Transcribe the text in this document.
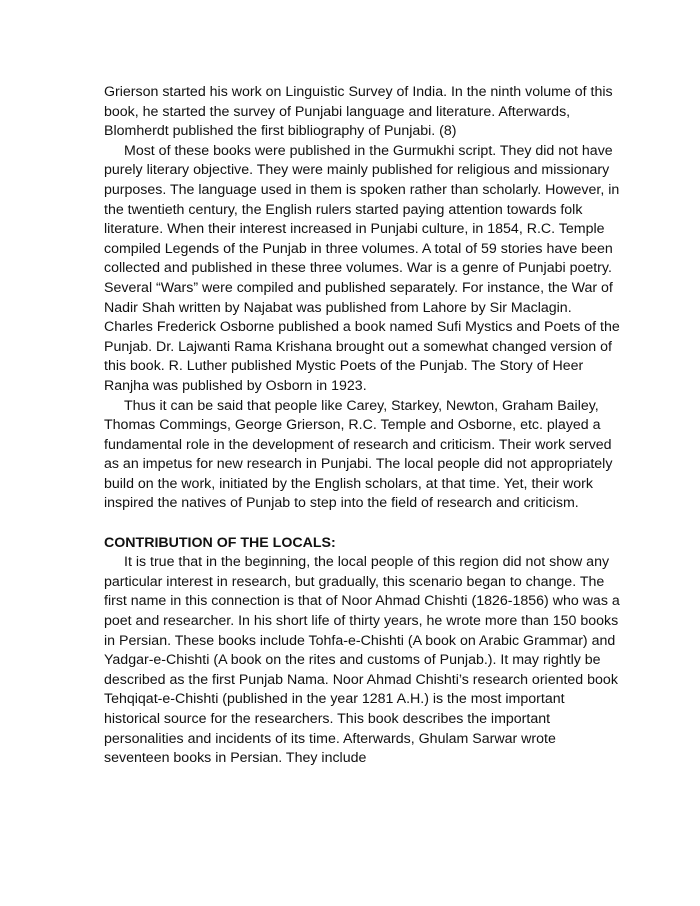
Grierson started his work on Linguistic Survey of India. In the ninth volume of this book, he started the survey of Punjabi language and literature. Afterwards, Blomherdt published the first bibliography of Punjabi. (8)

Most of these books were published in the Gurmukhi script. They did not have purely literary objective. They were mainly published for religious and missionary purposes. The language used in them is spoken rather than scholarly. However, in the twentieth century, the English rulers started paying attention towards folk literature. When their interest increased in Punjabi culture, in 1854, R.C. Temple compiled Legends of the Punjab in three volumes. A total of 59 stories have been collected and published in these three volumes. War is a genre of Punjabi poetry. Several “Wars” were compiled and published separately. For instance, the War of Nadir Shah written by Najabat was published from Lahore by Sir Maclagin. Charles Frederick Osborne published a book named Sufi Mystics and Poets of the Punjab. Dr. Lajwanti Rama Krishana brought out a somewhat changed version of this book. R. Luther published Mystic Poets of the Punjab. The Story of Heer Ranjha was published by Osborn in 1923.

Thus it can be said that people like Carey, Starkey, Newton, Graham Bailey, Thomas Commings, George Grierson, R.C. Temple and Osborne, etc. played a fundamental role in the development of research and criticism. Their work served as an impetus for new research in Punjabi. The local people did not appropriately build on the work, initiated by the English scholars, at that time. Yet, their work inspired the natives of Punjab to step into the field of research and criticism.

CONTRIBUTION OF THE LOCALS:

It is true that in the beginning, the local people of this region did not show any particular interest in research, but gradually, this scenario began to change. The first name in this connection is that of Noor Ahmad Chishti (1826-1856) who was a poet and researcher. In his short life of thirty years, he wrote more than 150 books in Persian. These books include Tohfa-e-Chishti (A book on Arabic Grammar) and Yadgar-e-Chishti (A book on the rites and customs of Punjab.). It may rightly be described as the first Punjab Nama. Noor Ahmad Chishti’s research oriented book Tehqiqat-e-Chishti (published in the year 1281 A.H.) is the most important historical source for the researchers. This book describes the important personalities and incidents of its time. Afterwards, Ghulam Sarwar wrote seventeen books in Persian. They include
